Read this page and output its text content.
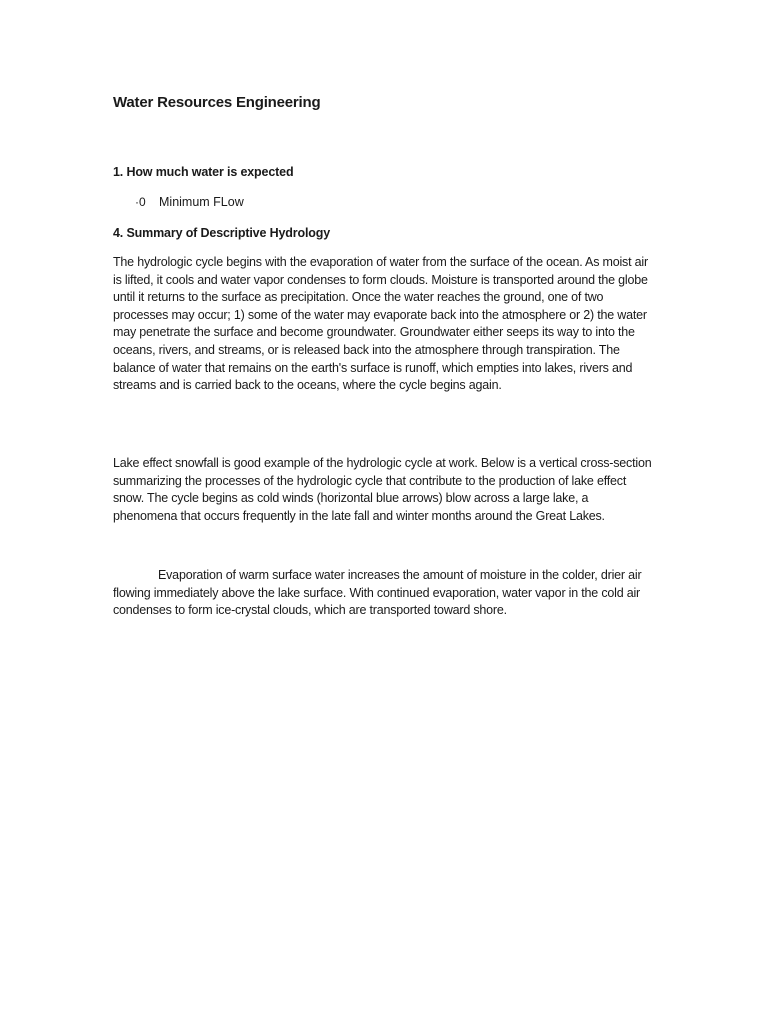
Water Resources Engineering
1. How much water is expected
·0	Minimum FLow
4. Summary of Descriptive Hydrology

The hydrologic cycle begins with the evaporation of water from the surface of the ocean. As moist air is lifted, it cools and water vapor condenses to form clouds. Moisture is transported around the globe until it returns to the surface as precipitation. Once the water reaches the ground, one of two processes may occur; 1) some of the water may evaporate back into the atmosphere or 2) the water may penetrate the surface and become groundwater. Groundwater either seeps its way to into the oceans, rivers, and streams, or is released back into the atmosphere through transpiration. The balance of water that remains on the earth's surface is runoff, which empties into lakes, rivers and streams and is carried back to the oceans, where the cycle begins again.

Lake effect snowfall is good example of the hydrologic cycle at work. Below is a vertical cross-section summarizing the processes of the hydrologic cycle that contribute to the production of lake effect snow. The cycle begins as cold winds (horizontal blue arrows) blow across a large lake, a phenomena that occurs frequently in the late fall and winter months around the Great Lakes.

Evaporation of warm surface water increases the amount of moisture in the colder, drier air flowing immediately above the lake surface. With continued evaporation, water vapor in the cold air condenses to form ice-crystal clouds, which are transported toward shore.
